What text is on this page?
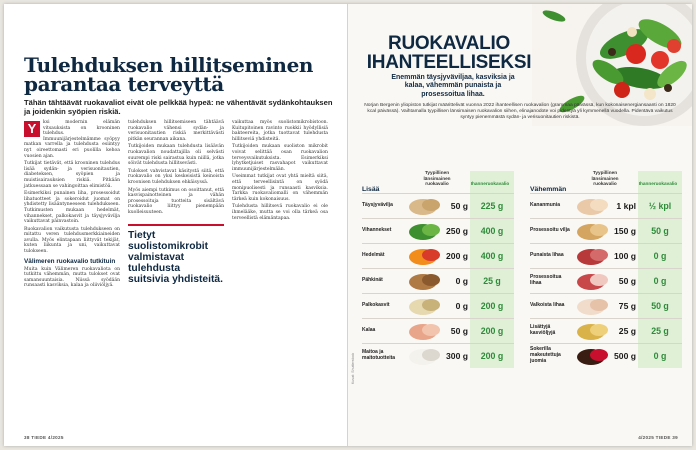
Tulehduksen hillitseminen parantaa terveyttä
Tähän tähtäävät ruokavaliot eivät ole pelkkää hypeä: ne vähentävät sydänkohtauksen ja joidenkin syöpien riskiä.

Y	ksi modernin elämän vitsauksista on krooninen tulehdus. Immuunijärjestelmämme syöpyy matkan varrella ja tulehdusta esiintyy nyt oireettomasti eri puolilla kehoa vuosien ajan.

Tutkijat tietävät, että krooninen tulehdus lisää sydän- ja verisuonitautien, diabeteksen, syöpien ja muistisairauksien riskiä. Pitkään jatkuessaan se vahingoittaa elimistöä.

Esimerkiksi punainen liha, prosessoidut lihatuotteet ja sokeroidut juomat on yhdistetty lisääntyneeseen tulehdukseen. Tutkimusten mukaan hedelmät, vihannekset, palkokasvit ja täysjyvävilja vaikuttavat päinvastoin.

Ruokavalion vaikutusta tulehdukseen on mitattu veren tulehdusmerkkiaineiden avulla. Myös elintapaan liittyvät tekijät, kuten liikunta ja uni, vaikuttavat tulokseen.

Välimeren ruokavalio tutkituin

Muita kuin Välimeren ruokavaliota on tutkittu vähemmän, mutta tulokset ovat samansuuntaisia. Niissä syödään runsaasti kasviksia, kalaa ja oliiviöljyä.

tulehduksen hillitsemiseen tähtäävä ruokavalio vähensi sydän- ja verisuonitautien riskiä merkittävästi pitkän seurannan aikana.

Tutkijoiden mukaan tulehdusta lisäävän ruokavalion noudattajilla oli selvästi suurempi riski sairastua kuin niillä, jotka söivät tulehdusta hillitsevästi.

Tulokset vahvistavat käsitystä siitä, että ruokavalio on yksi keskeisistä keinoista kroonisen tulehduksen ehkäisyssä.

Myös aiempi tutkimus on osoittanut, että kasvispainotteinen ja vähän prosessoituja tuotteita sisältävä ruokavalio liittyy pienempään kuolleisuuteen.

Tietyt suolistomikrobit valmistavat tulehdusta suitsivia yhdisteitä.

vaikuttaa myös suolistomikrobistoon. Kuitupitoinen ravinto ruokkii hyödyllisiä bakteereita, jotka tuottavat tulehdusta hillitseviä yhdisteitä.

Tutkijoiden mukaan suoliston mikrobit voivat selittää osan ruokavalion terveysvaikutuksista. Esimerkiksi lyhytketjuiset rasvahapot vaikuttavat immuunijärjestelmään.

Useimmat tutkijat ovat yhtä mieltä siitä, että terveellisintä on syödä monipuolisesti ja runsaasti kasviksia. Tarkka ruokavaliomalli on vähemmän tärkeä kuin kokonaisuus.

Tulehdusta hillitsevä ruokavalio ei ole ihmelääke, mutta se voi olla tärkeä osa terveellistä elämäntapaa.

38 TIEDE 4/2025
RUOKAVALIO IHANTEELLISEKSI
Enemmän täysjyväviljaa, kasviksia ja kalaa, vähemmän punaista ja prosessoitua lihaa.
Norjan Bergenin yliopiston tutkijat määrittelivät vuonna 2022 ihanteellisen ruokavalion (grammaa päivässä, kun kokonaisenergiansaanti on 1820 kcal päivässä). Vaihtamalla tyypillisen länsimaisen ruokavalion siihen, elinajanodote voi pidentyä yli kymmenellä vuodella. Pidentävä vaikutus syntyy pienemmästä sydän- ja verisuonitautien riskistä.
Lisää
Tyypillinen länsimainen ruokavalio	Ihanneruokavalio
Täysjyvävilja	50 g	225 g
Vihannekset	250 g	400 g
Hedelmät	200 g	400 g
Pähkinät	0 g	25 g
Palkokasvit	0 g	200 g
Kalaa	50 g	200 g
Maitoa ja maitotuotteita	300 g	200 g
Vähemmän
Tyypillinen länsimainen ruokavalio	Ihanneruokavalio
Kananmunia	1 kpl	½ kpl
Prosessoitu vilja	150 g	50 g
Punaista lihaa	100 g	0 g
Prosessoitua lihaa	50 g	0 g
Valkoista lihaa	75 g	50 g
Lisättyjä kasviöljyjä	25 g	25 g
Sokerilla makeutettuja juomia	500 g	0 g
Kuvat: Shutterstock
4/2025 TIEDE 39
